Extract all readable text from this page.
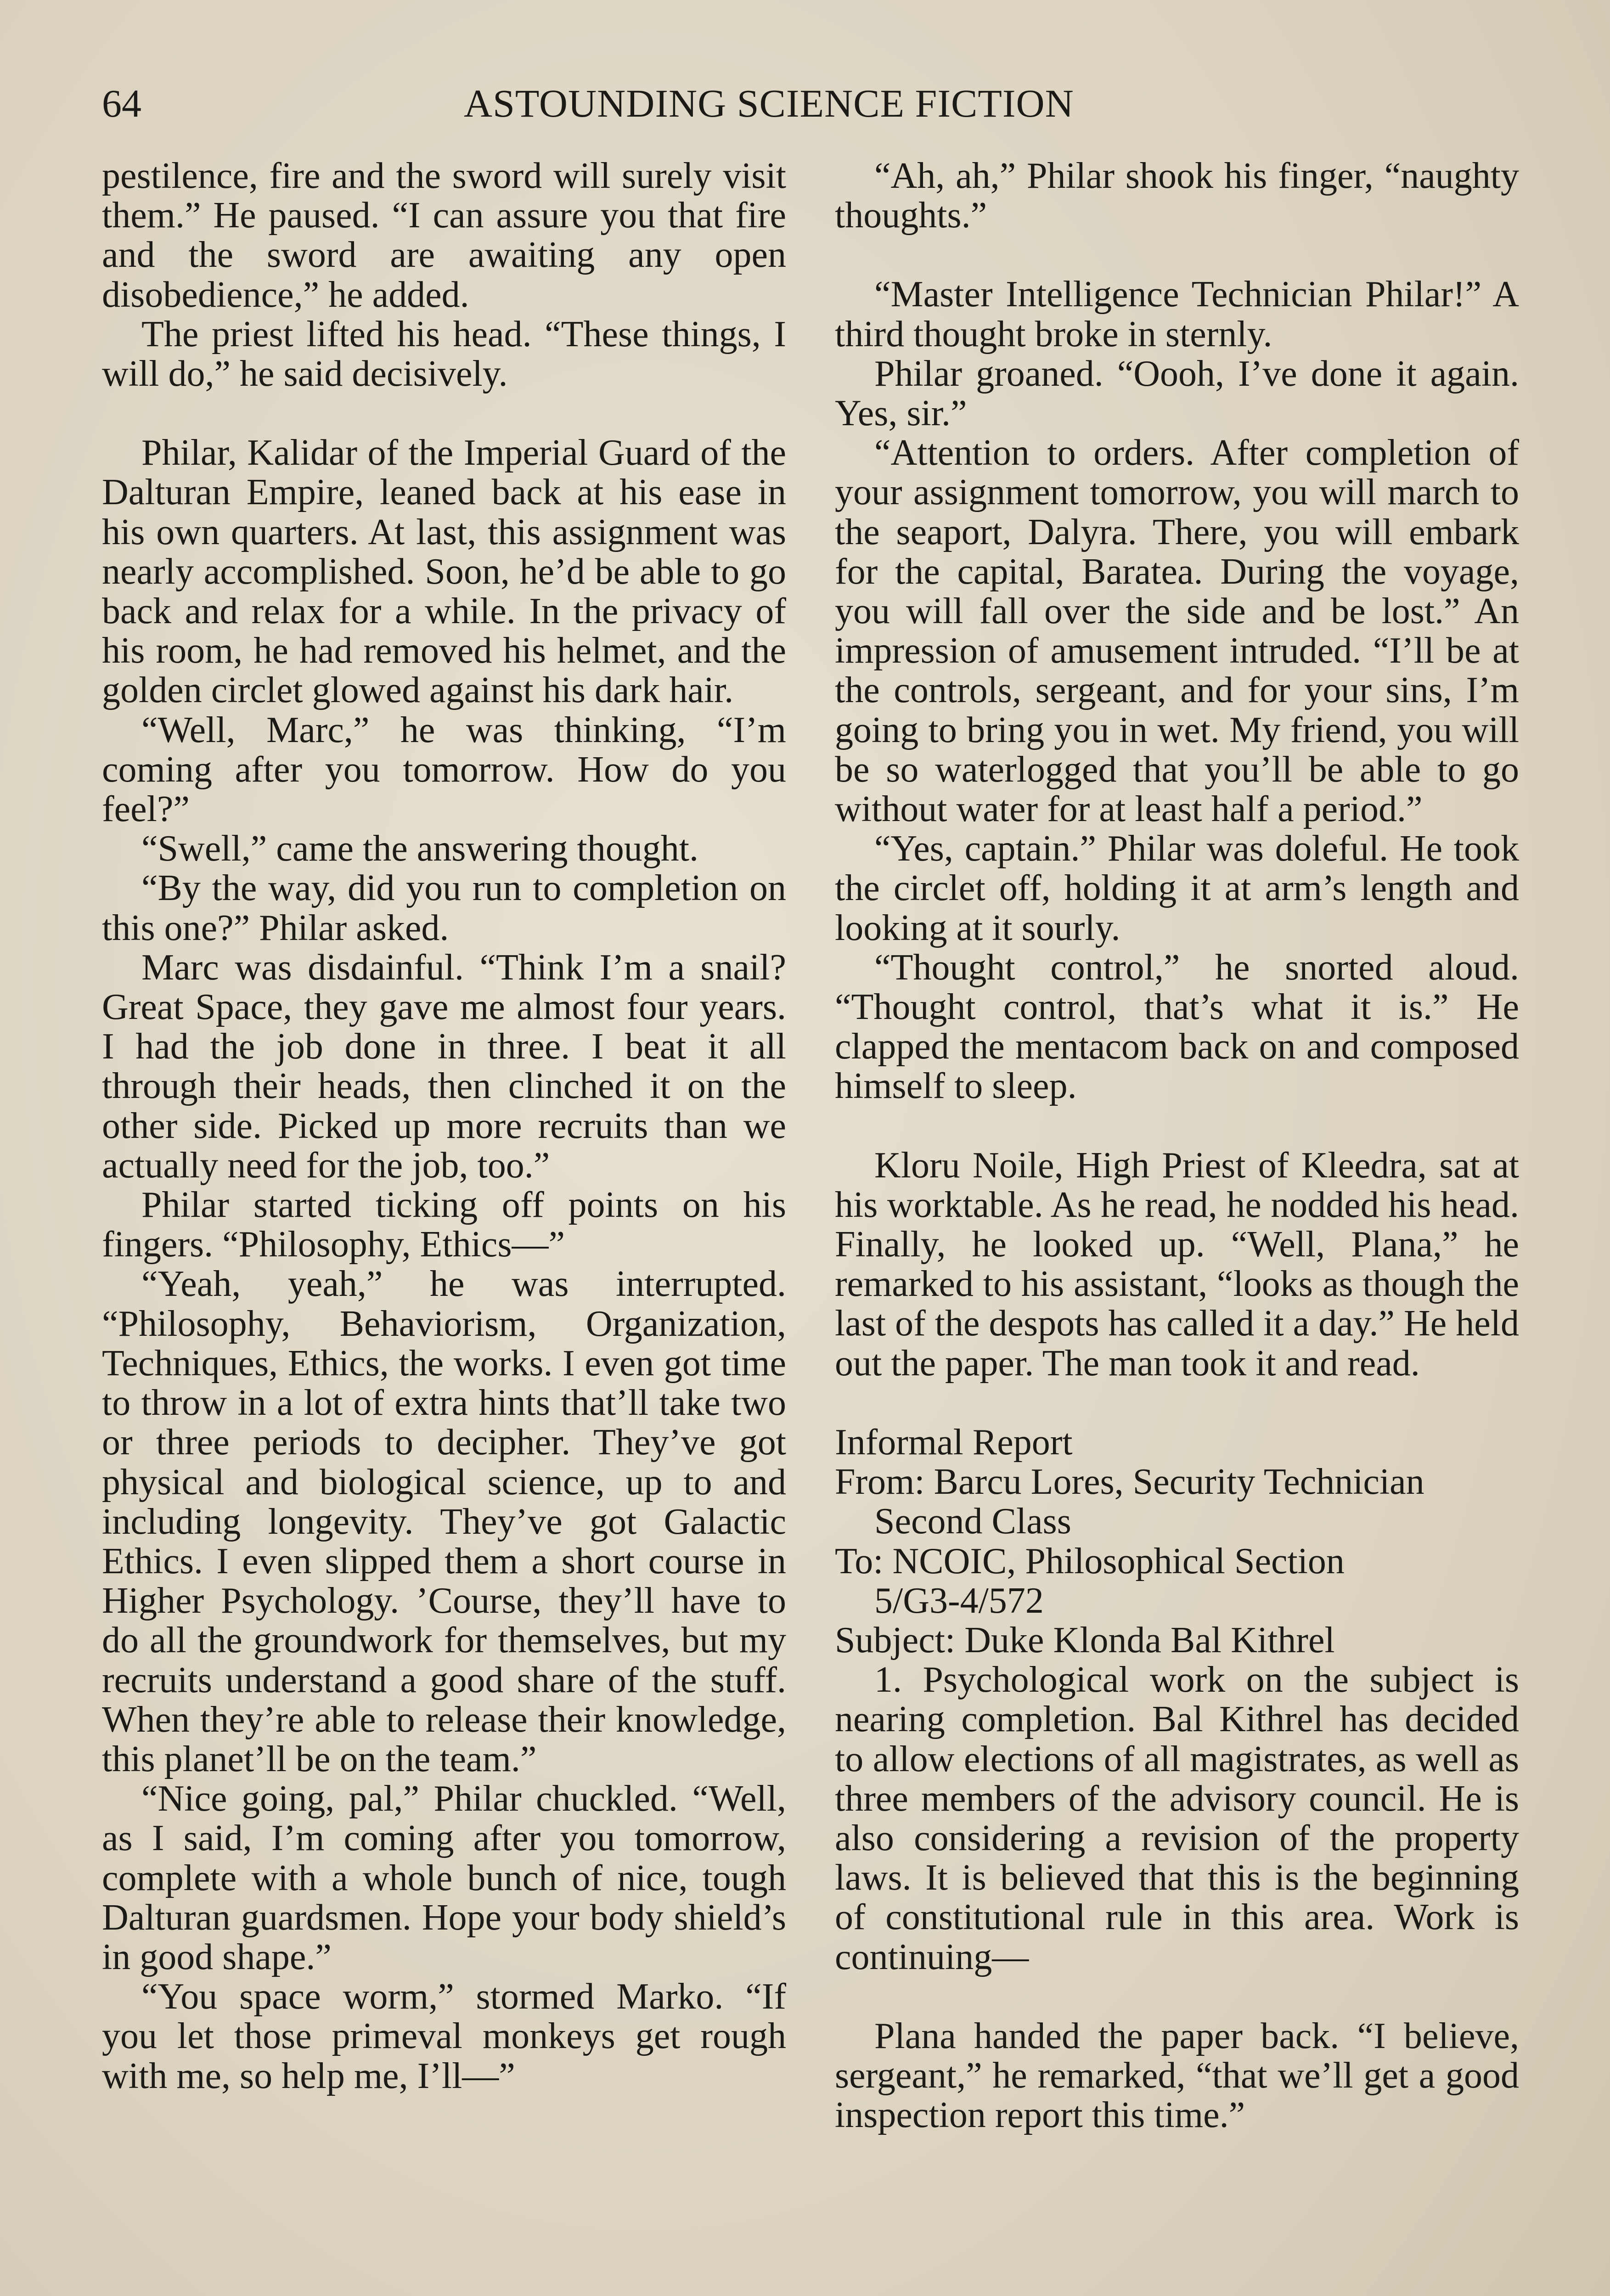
64	ASTOUNDING SCIENCE FICTION

pestilence, fire and the sword will surely visit them.” He paused. “I can assure you that fire and the sword are awaiting any open disobedience,” he added.

The priest lifted his head. “These things, I will do,” he said decisively.

Philar, Kalidar of the Imperial Guard of the Dalturan Empire, leaned back at his ease in his own quarters. At last, this assignment was nearly accomplished. Soon, he’d be able to go back and relax for a while. In the privacy of his room, he had removed his helmet, and the golden circlet glowed against his dark hair.

“Well, Marc,” he was thinking, “I’m coming after you tomorrow. How do you feel?”

“Swell,” came the answering thought.

“By the way, did you run to completion on this one?” Philar asked.

Marc was disdainful. “Think I’m a snail? Great Space, they gave me almost four years. I had the job done in three. I beat it all through their heads, then clinched it on the other side. Picked up more recruits than we actually need for the job, too.”

Philar started ticking off points on his fingers. “Philosophy, Ethics—”

“Yeah, yeah,” he was interrupted. “Philosophy, Behaviorism, Organization, Techniques, Ethics, the works. I even got time to throw in a lot of extra hints that’ll take two or three periods to decipher. They’ve got physical and biological science, up to and including longevity. They’ve got Galactic Ethics. I even slipped them a short course in Higher Psychology. ’Course, they’ll have to do all the groundwork for themselves, but my recruits understand a good share of the stuff. When they’re able to release their knowledge, this planet’ll be on the team.”

“Nice going, pal,” Philar chuckled. “Well, as I said, I’m coming after you tomorrow, complete with a whole bunch of nice, tough Dalturan guardsmen. Hope your body shield’s in good shape.”

“You space worm,” stormed Marko. “If you let those primeval monkeys get rough with me, so help me, I’ll—”

“Ah, ah,” Philar shook his finger, “naughty thoughts.”

“Master Intelligence Technician Philar!” A third thought broke in sternly.

Philar groaned. “Oooh, I’ve done it again. Yes, sir.”

“Attention to orders. After completion of your assignment tomorrow, you will march to the seaport, Dalyra. There, you will embark for the capital, Baratea. During the voyage, you will fall over the side and be lost.” An impression of amusement intruded. “I’ll be at the controls, sergeant, and for your sins, I’m going to bring you in wet. My friend, you will be so waterlogged that you’ll be able to go without water for at least half a period.”

“Yes, captain.” Philar was doleful. He took the circlet off, holding it at arm’s length and looking at it sourly.

“Thought control,” he snorted aloud. “Thought control, that’s what it is.” He clapped the mentacom back on and composed himself to sleep.

Kloru Noile, High Priest of Kleedra, sat at his worktable. As he read, he nodded his head. Finally, he looked up. “Well, Plana,” he remarked to his assistant, “looks as though the last of the despots has called it a day.” He held out the paper. The man took it and read.

Informal Report

From: Barcu Lores, Security Technician

Second Class

To: NCOIC, Philosophical Section

5/G3-4/572

Subject: Duke Klonda Bal Kithrel

1. Psychological work on the subject is nearing completion. Bal Kithrel has decided to allow elections of all magistrates, as well as three members of the advisory council. He is also considering a revision of the property laws. It is believed that this is the beginning of constitutional rule in this area. Work is continuing—

Plana handed the paper back. “I believe, sergeant,” he remarked, “that we’ll get a good inspection report this time.”
